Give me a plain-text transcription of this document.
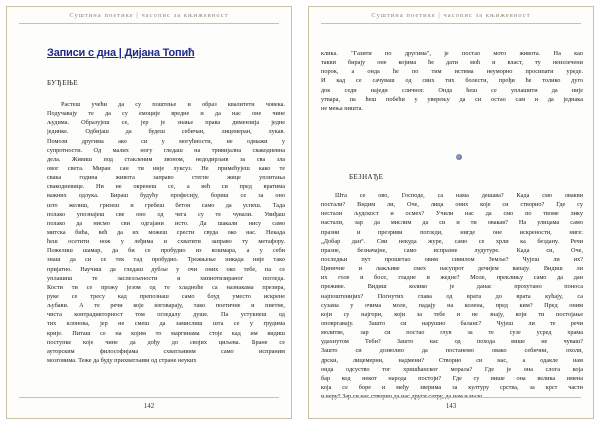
Суштина поетике | часопис за књижевност
Записи с дна | Дијана Топић
БУЂЕЊЕ
Растеш учећи да су поштење и образ квалитети човека.
Подучавају те да су емоције вредне и да нас оне чине
људима. Образујеш се, јер је знање права димензија једне
јединке. Одбијаш да будеш себичан, лицемеран, лукав.
Помози другима ако си у могућности, не одмажи у
супротности. Од малих ногу гледаш на тривијална свакодневна
дела. Живиш под стакленим звоном, недодирљив за сва зла
овог света. Миран сан ти није луксуз. Не примећујеш како те
свака година живота заправо стегне жице уплитања
свакодневице. Ни не окренеш се, а већ си пред вратима
важних одлука. Бираш будућу професију, бориш се за оно
што желиш, гризеш и гребеш бетон само да успеш. Тада
полако упознајеш све оно од чега су те чували. Увиђаш
полако да нисмо сви одгајани исто. Да шакали нису само
митска бића, већ да их можеш срести свуда око нас. Некада
ћеш осетити нож у леђима и схватити заправо ту метафору.
Пожелиш шамар, да би се пробудио из кошмара, а у себи
знаш да си се тек тад пробудио. Трежњење никада није тако
пријатно. Научиш да гледаш дубље у очи оних око тебе, па се
уплашиш те заспелљености и хипнотизираног погледа.
Кости ти се прожу језом од те хладноће са назнакама презира,
руке се тресу кад препознаш само блуд уместо искрене
љубави. А те речи које изговарају, тако поетичне и пиетне,
чиста контрадикторност том огледалу душе. Па устукнеш од
тих клонова, јер не смеш да замислиш шта се у грудима
крије. Питаш се на којим то маргинама стоје кад им видиш
поступке које чине да дођу до својих циљева. Бране се
ауторским философијама схватљивим само испраним
мозговима. Теже да буду прихватљиви од стране неуких
142
Суштина поетике | часопис за књижевност
клика. "Газити по другима", је постао мото живота. На као
такви бирају оне којима ће дати моћ и власт, ту неизлечени
порок, а онда ће по тим истима неуморно просипати уреде.
И кад се сачуваш од свих тих болести, прођи ће толико дуго
док седи наједи сличног. Онда ћеш се уплашити да није
утвара, па ћеш побећи у уверењу да си остао сам и да једнака
не мења ништа.
БЕЗНАЂЕ
Шта се ово, Господе, са нама дешава? Када смо овакви
постали? Видим ли, Оче, лица оних које си створио? Где су
нестали људскост и осмех? Учили нас да смо по твоме лику
настали, зар да мислим да си и ти овакав? На улицама само
празни и презриви погледи, нигде оне искрености, ниге:
„Добар дан“. Сви некуда журе, само се хрли ка бездану. Речи
празне, безначајне, само испразне лудутуре. Када си, Оче,
последњи пут прошетао овим сивилом Земље? Чујеш ли их?
Циничне и лажљиве смех насупрот дечијем вапају. Видиш ли
их голе и босе, гладне и жедне? Моле, преклињу само да дан
преживе. Видиш колико је данас прохутано поноса
најпоштенијих? Погнутих глава од врата до врата кућају, са
сузама у очима моле, падају на колена, пред ким? Пред оним
који су најгори, који за тебе и не знају, који ти постојање
оповргавају. Зашто си нарушио баланс? Чујеш ли те речи
молитве, зар си постао глув за те сузе усред храма
удахнутом Теби? Зашто нас од похода више не чуваш?
Зашто си дозволио да постанемо овако себични, охоли,
дрски, лицемерни, надмени? Створио си нас, а одакле нам
онда одсуство тог хришћанског морала? Где је она слога која
бар код некот народа постоји? Где су више она велика имена
која се боре и међу зверима за културу срства, за крст части
и веру? Зар си нас створио да нас други сатру, да нам и мало
143
